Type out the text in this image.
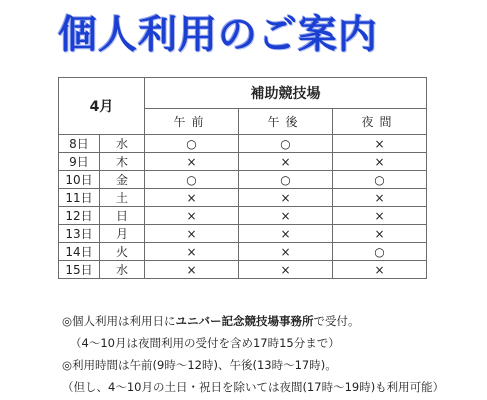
個人利用のご案内
4月		補助競技場		
		午前	午後	夜間
8日	水	○	○	×
9日	木	×	×	×
10日	金	○	○	○
11日	土	×	×	×
12日	日	×	×	×
13日	月	×	×	×
14日	火	×	×	○
15日	水	×	×	×
◎個人利用は利用日にユニバー記念競技場事務所で受付。
（4～10月は夜間利用の受付を含め17時15分まで）
◎利用時間は午前(9時～12時)、午後(13時～17時)。
（但し、4～10月の土日・祝日を除いては夜間(17時～19時)も利用可能）
